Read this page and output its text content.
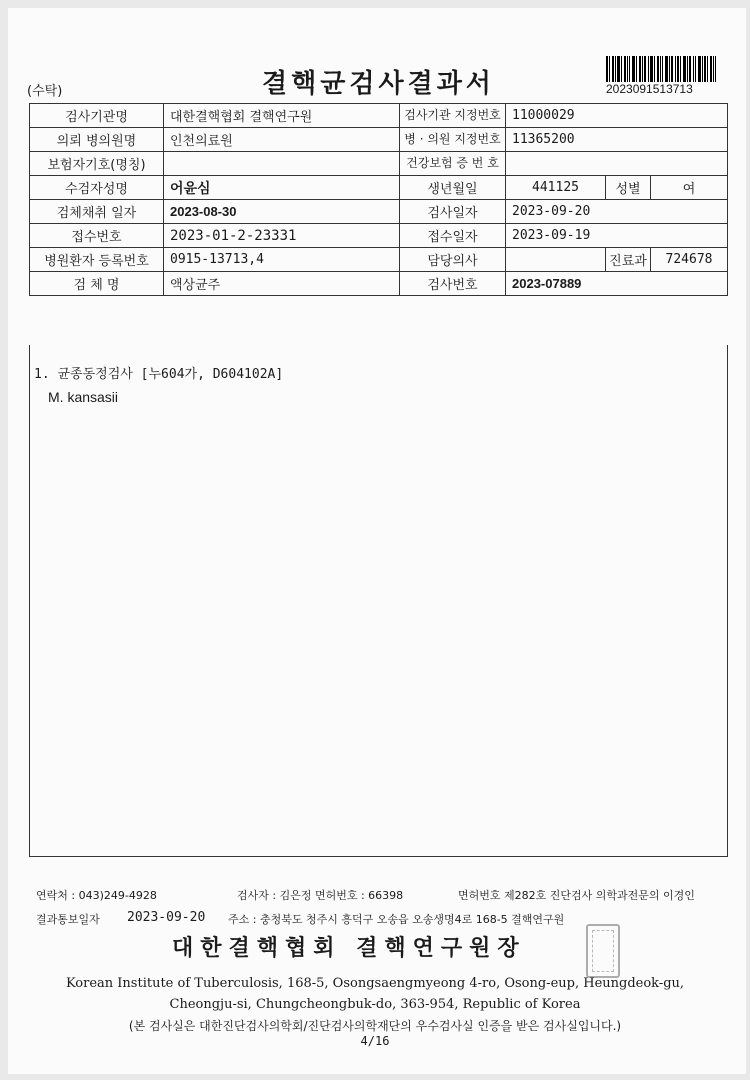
(수탁)	결핵균검사결과서	2023091513713
검사기관명	대한결핵협회 결핵연구원	검사기관 지정번호	11000029		
의뢰 병의원명	인천의료원	병 · 의원 지정번호	11365200		
보험자기호(명칭)		건강보험 증 번 호			
수검자성명	어윤심	생년월일	441125	성별	여
검체채취 일자	2023-08-30	검사일자	2023-09-20		
접수번호	2023-01-2-23331	접수일자	2023-09-19		
병원환자 등록번호	0915-13713,4	담당의사		진료과	724678
검 체 명	액상균주	검사번호	2023-07889		
1. 균종동정검사 [누604가, D604102A]
M. kansasii
연락처 : 043)249-4928	검사자 : 김은정 면허번호 : 66398	면허번호 제282호 진단검사 의학과전문의 이경인
결과통보일자 2023-09-20 주소 : 충청북도 청주시 흥덕구 오송읍 오송생명4로 168-5 결핵연구원
대한결핵협회 결핵연구원장
Korean Institute of Tuberculosis, 168-5, Osongsaengmyeong 4-ro, Osong-eup, Heungdeok-gu,
Cheongju-si, Chungcheongbuk-do, 363-954, Republic of Korea
(본 검사실은 대한진단검사의학회/진단검사의학재단의 우수검사실 인증을 받은 검사실입니다.)
4/16
